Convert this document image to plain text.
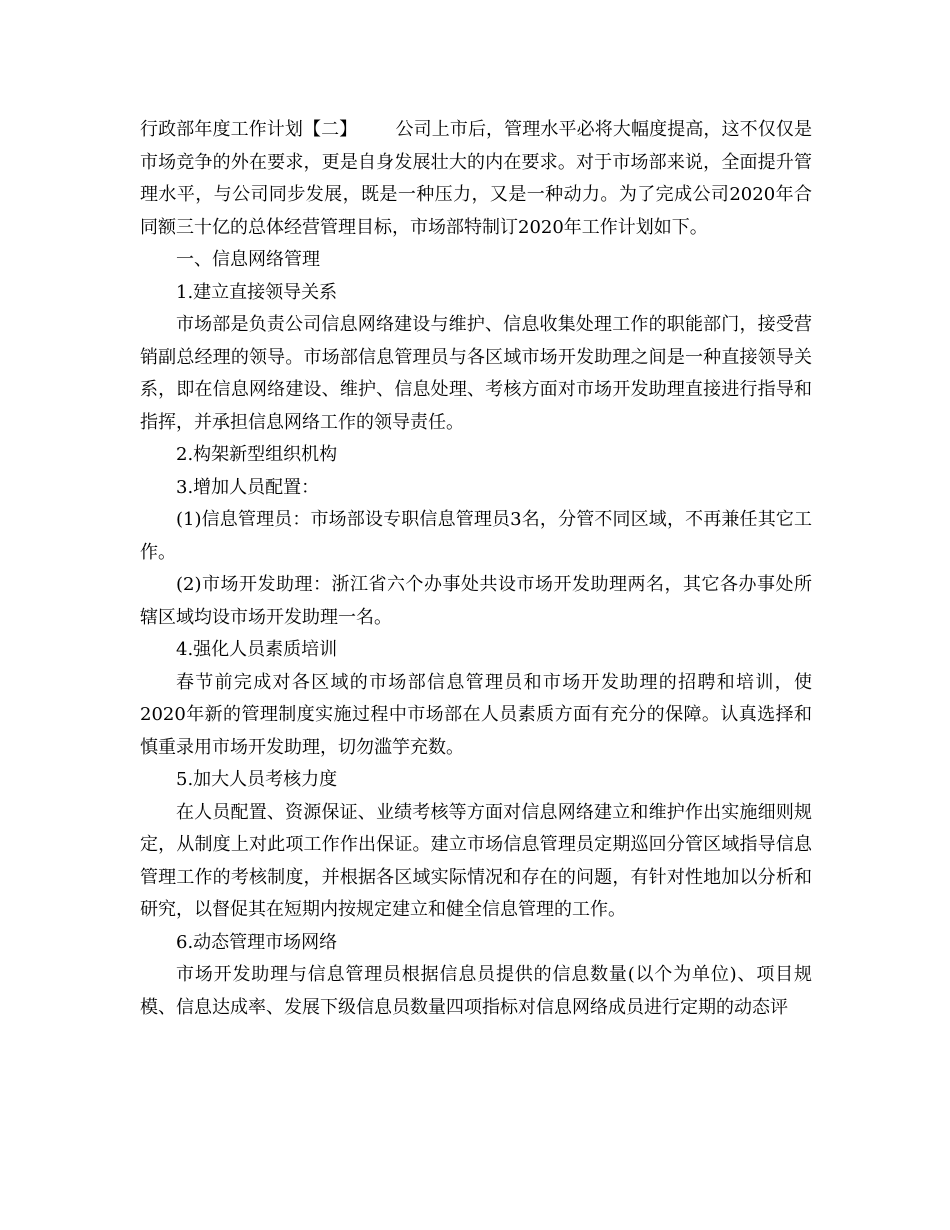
行政部年度工作计划【二】 公司上市后，管理水平必将大幅度提高，这不仅仅是市场竞争的外在要求，更是自身发展壮大的内在要求。对于市场部来说，全面提升管理水平，与公司同步发展，既是一种压力，又是一种动力。为了完成公司2020年合同额三十亿的总体经营管理目标，市场部特制订2020年工作计划如下。

一、信息网络管理

1.建立直接领导关系

市场部是负责公司信息网络建设与维护、信息收集处理工作的职能部门，接受营销副总经理的领导。市场部信息管理员与各区域市场开发助理之间是一种直接领导关系，即在信息网络建设、维护、信息处理、考核方面对市场开发助理直接进行指导和指挥，并承担信息网络工作的领导责任。

2.构架新型组织机构

3.增加人员配置：

(1)信息管理员：市场部设专职信息管理员3名，分管不同区域，不再兼任其它工作。

(2)市场开发助理：浙江省六个办事处共设市场开发助理两名，其它各办事处所辖区域均设市场开发助理一名。

4.强化人员素质培训

春节前完成对各区域的市场部信息管理员和市场开发助理的招聘和培训，使2020年新的管理制度实施过程中市场部在人员素质方面有充分的保障。认真选择和慎重录用市场开发助理，切勿滥竽充数。

5.加大人员考核力度

在人员配置、资源保证、业绩考核等方面对信息网络建立和维护作出实施细则规定，从制度上对此项工作作出保证。建立市场信息管理员定期巡回分管区域指导信息管理工作的考核制度，并根据各区域实际情况和存在的问题，有针对性地加以分析和研究，以督促其在短期内按规定建立和健全信息管理的工作。

6.动态管理市场网络

市场开发助理与信息管理员根据信息员提供的信息数量(以个为单位)、项目规模、信息达成率、发展下级信息员数量四项指标对信息网络成员进行定期的动态评
